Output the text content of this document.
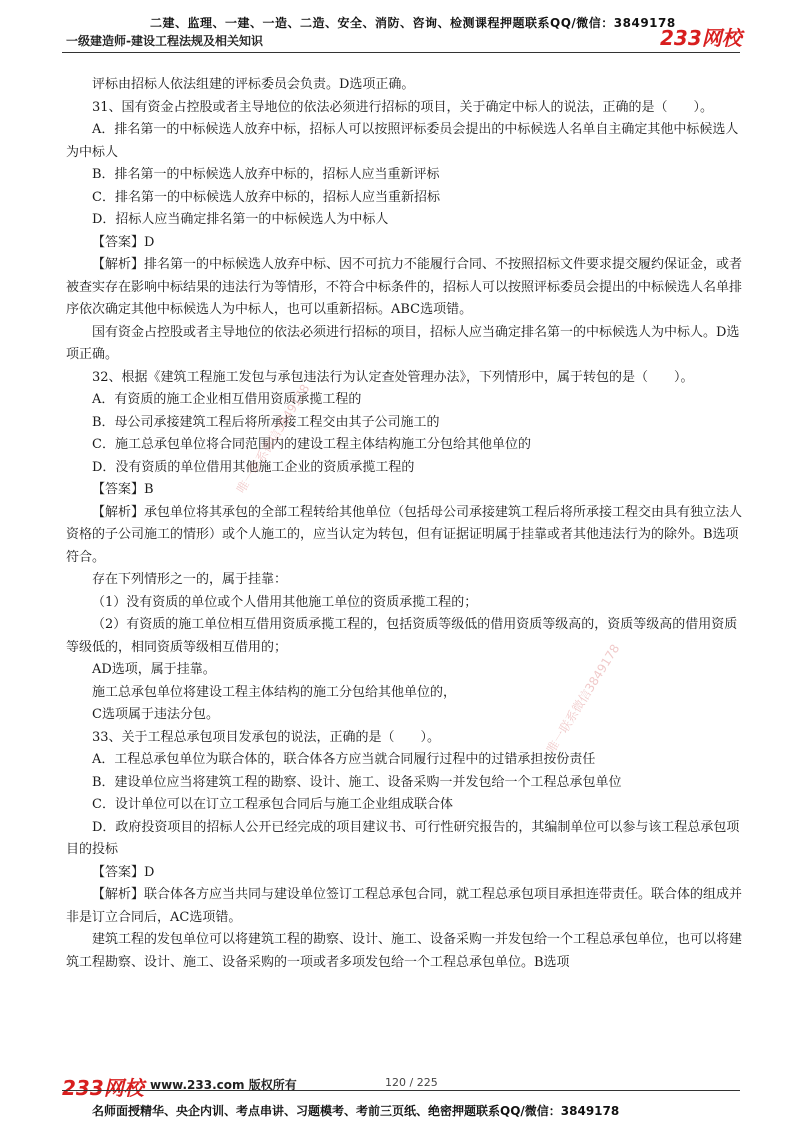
二建、监理、一建、一造、二造、安全、消防、咨询、检测课程押题联系QQ/微信：3849178
一级建造师-建设工程法规及相关知识	233网校
评标由招标人依法组建的评标委员会负责。D选项正确。
31、国有资金占控股或者主导地位的依法必须进行招标的项目，关于确定中标人的说法，正确的是（　　）。
A．排名第一的中标候选人放弃中标，招标人可以按照评标委员会提出的中标候选人名单自主确定其他中标候选人为中标人
B．排名第一的中标候选人放弃中标的，招标人应当重新评标
C．排名第一的中标候选人放弃中标的，招标人应当重新招标
D．招标人应当确定排名第一的中标候选人为中标人
【答案】D
【解析】排名第一的中标候选人放弃中标、因不可抗力不能履行合同、不按照招标文件要求提交履约保证金，或者被查实存在影响中标结果的违法行为等情形，不符合中标条件的，招标人可以按照评标委员会提出的中标候选人名单排序依次确定其他中标候选人为中标人，也可以重新招标。ABC选项错。
国有资金占控股或者主导地位的依法必须进行招标的项目，招标人应当确定排名第一的中标候选人为中标人。D选项正确。
32、根据《建筑工程施工发包与承包违法行为认定查处管理办法》，下列情形中，属于转包的是（　　）。
A．有资质的施工企业相互借用资质承揽工程的
B．母公司承接建筑工程后将所承接工程交由其子公司施工的
C．施工总承包单位将合同范围内的建设工程主体结构施工分包给其他单位的
D．没有资质的单位借用其他施工企业的资质承揽工程的
【答案】B
【解析】承包单位将其承包的全部工程转给其他单位（包括母公司承接建筑工程后将所承接工程交由具有独立法人资格的子公司施工的情形）或个人施工的，应当认定为转包，但有证据证明属于挂靠或者其他违法行为的除外。B选项符合。
存在下列情形之一的，属于挂靠：
（1）没有资质的单位或个人借用其他施工单位的资质承揽工程的；
（2）有资质的施工单位相互借用资质承揽工程的，包括资质等级低的借用资质等级高的，资质等级高的借用资质等级低的，相同资质等级相互借用的；
AD选项，属于挂靠。
施工总承包单位将建设工程主体结构的施工分包给其他单位的，
C选项属于违法分包。
33、关于工程总承包项目发承包的说法，正确的是（　　）。
A．工程总承包单位为联合体的，联合体各方应当就合同履行过程中的过错承担按份责任
B．建设单位应当将建筑工程的勘察、设计、施工、设备采购一并发包给一个工程总承包单位
C．设计单位可以在订立工程承包合同后与施工企业组成联合体
D．政府投资项目的招标人公开已经完成的项目建议书、可行性研究报告的，其编制单位可以参与该工程总承包项目的投标
【答案】D
【解析】联合体各方应当共同与建设单位签订工程总承包合同，就工程总承包项目承担连带责任。联合体的组成并非是订立合同后，AC选项错。
建筑工程的发包单位可以将建筑工程的勘察、设计、施工、设备采购一并发包给一个工程总承包单位，也可以将建筑工程勘察、设计、施工、设备采购的一项或者多项发包给一个工程总承包单位。B选项
唯一联系微信3849178
唯一联系微信3849178
233网校 www.233.com 版权所有	120 / 225
名师面授精华、央企内训、考点串讲、习题模考、考前三页纸、绝密押题联系QQ/微信：3849178
